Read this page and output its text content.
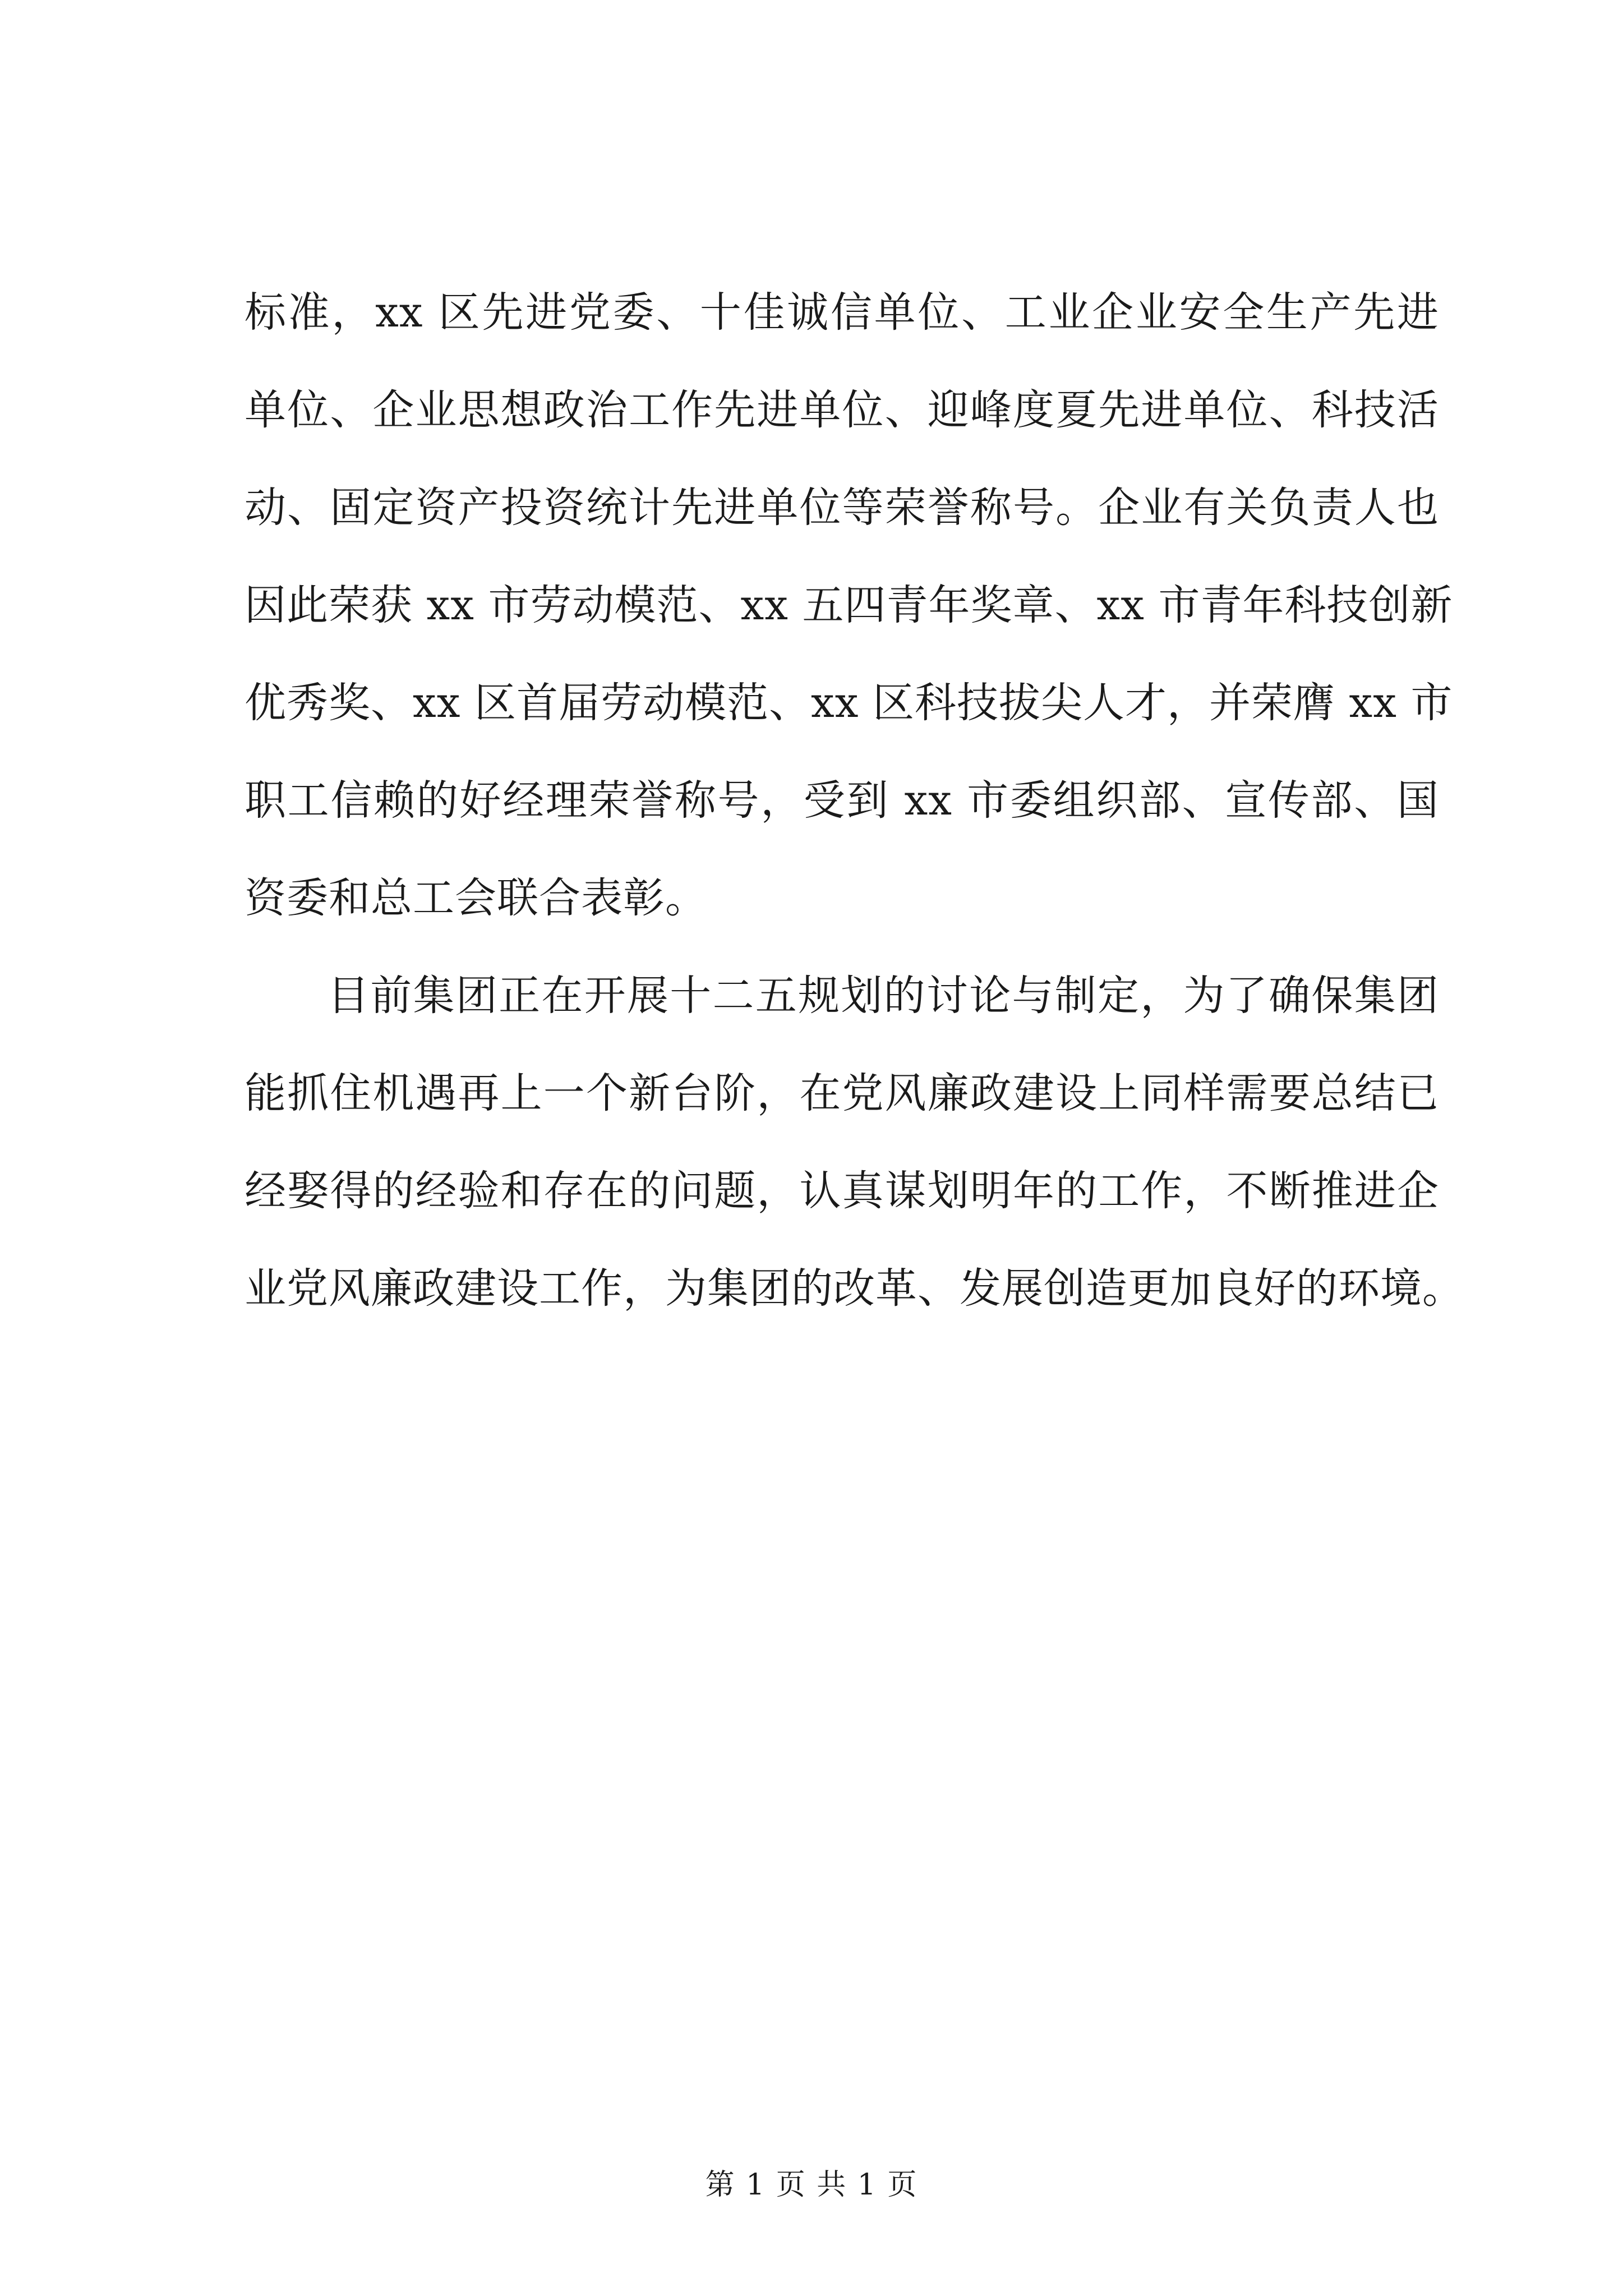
标准，xx 区先进党委、十佳诚信单位、工业企业安全生产先进
单位、企业思想政治工作先进单位、迎峰度夏先进单位、科技活
动、固定资产投资统计先进单位等荣誉称号。企业有关负责人也
因此荣获 xx 市劳动模范、xx 五四青年奖章、xx 市青年科技创新
优秀奖、xx 区首届劳动模范、xx 区科技拔尖人才，并荣膺 xx 市
职工信赖的好经理荣誉称号，受到 xx 市委组织部、宣传部、国
资委和总工会联合表彰。
目前集团正在开展十二五规划的讨论与制定，为了确保集团
能抓住机遇再上一个新台阶，在党风廉政建设上同样需要总结已
经娶得的经验和存在的问题，认真谋划明年的工作，不断推进企
业党风廉政建设工作，为集团的改革、发展创造更加良好的环境。
第 1 页 共 1 页
